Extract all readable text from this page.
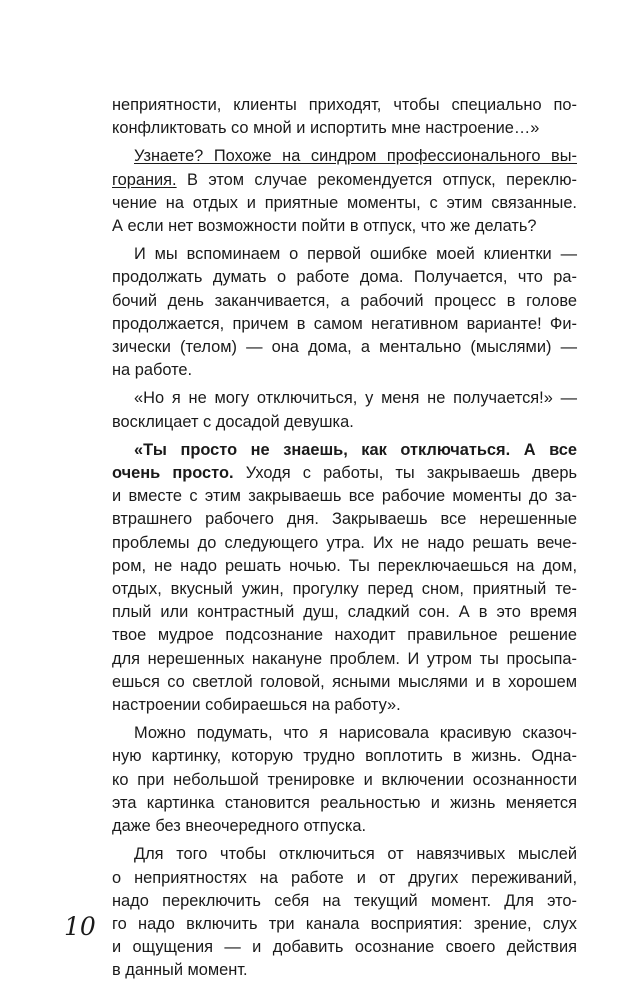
неприятности, клиенты приходят, чтобы специально по-
конфликтовать со мной и испортить мне настроение…»
Узнаете? Похоже на синдром профессионального вы-
горания. В этом случае рекомендуется отпуск, переклю-
чение на отдых и приятные моменты, с этим связанные.
А если нет возможности пойти в отпуск, что же делать?
И мы вспоминаем о первой ошибке моей клиентки —
продолжать думать о работе дома. Получается, что ра-
бочий день заканчивается, а рабочий процесс в голове
продолжается, причем в самом негативном варианте! Фи-
зически (телом) — она дома, а ментально (мыслями) —
на работе.
«Но я не могу отключиться, у меня не получается!» —
восклицает с досадой девушка.
«Ты просто не знаешь, как отключаться. А все
очень просто. Уходя с работы, ты закрываешь дверь
и вместе с этим закрываешь все рабочие моменты до за-
втрашнего рабочего дня. Закрываешь все нерешенные
проблемы до следующего утра. Их не надо решать вече-
ром, не надо решать ночью. Ты переключаешься на дом,
отдых, вкусный ужин, прогулку перед сном, приятный те-
плый или контрастный душ, сладкий сон. А в это время
твое мудрое подсознание находит правильное решение
для нерешенных накануне проблем. И утром ты просыпа-
ешься со светлой головой, ясными мыслями и в хорошем
настроении собираешься на работу».
Можно подумать, что я нарисовала красивую сказоч-
ную картинку, которую трудно воплотить в жизнь. Одна-
ко при небольшой тренировке и включении осознанности
эта картинка становится реальностью и жизнь меняется
даже без внеочередного отпуска.
Для того чтобы отключиться от навязчивых мыслей
о неприятностях на работе и от других переживаний,
надо переключить себя на текущий момент. Для это-
го надо включить три канала восприятия: зрение, слух
и ощущения — и добавить осознание своего действия
в данный момент.
10
